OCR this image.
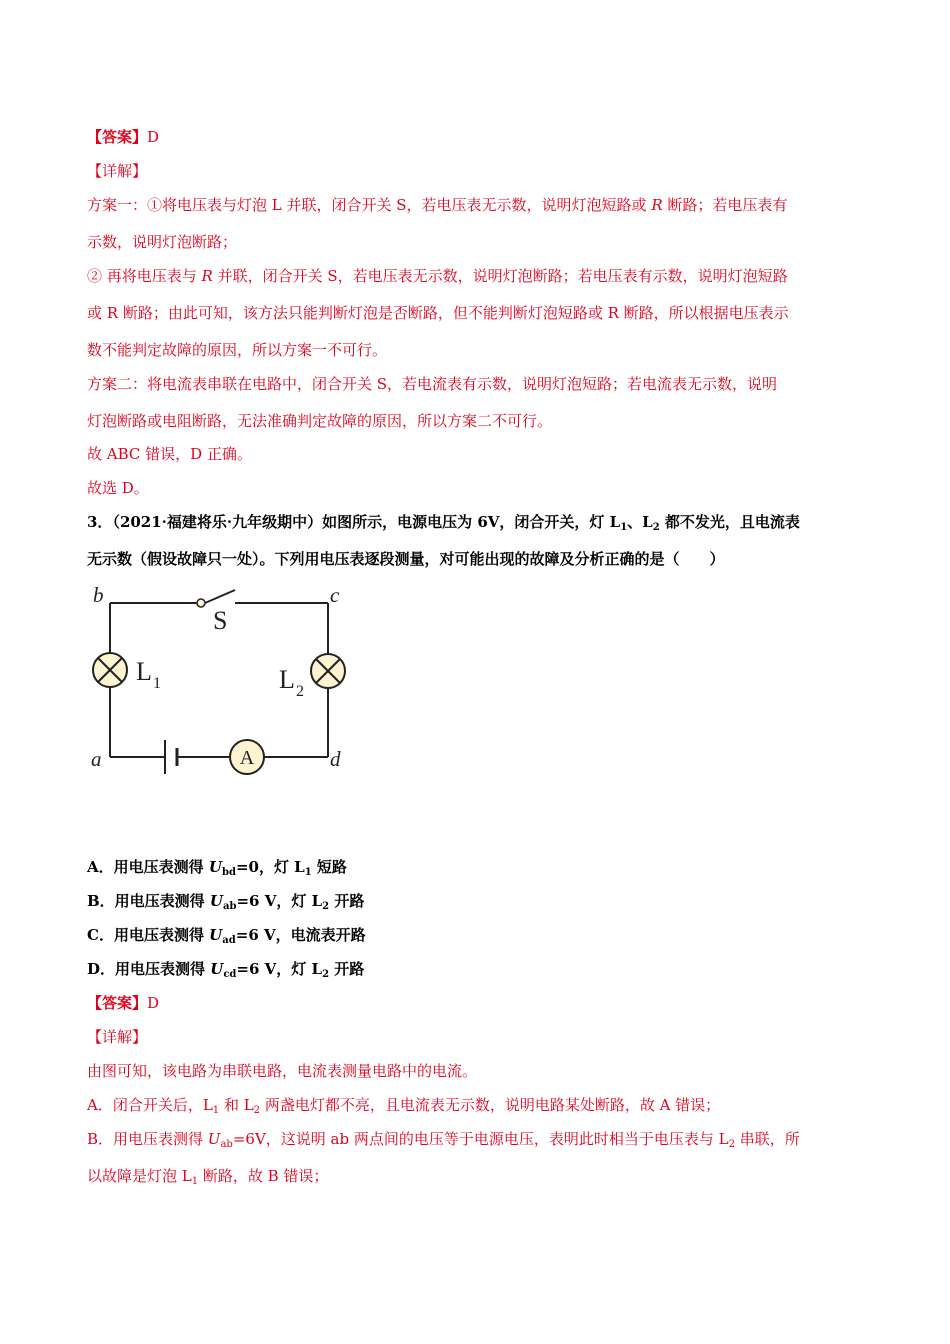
【答案】D
【详解】
方案一：①将电压表与灯泡 L 并联，闭合开关 S，若电压表无示数，说明灯泡短路或 R 断路；若电压表有
示数，说明灯泡断路；
② 再将电压表与 R 并联，闭合开关 S，若电压表无示数，说明灯泡断路；若电压表有示数，说明灯泡短路
或 R 断路；由此可知，该方法只能判断灯泡是否断路，但不能判断灯泡短路或 R 断路，所以根据电压表示
数不能判定故障的原因，所以方案一不可行。
方案二：将电流表串联在电路中，闭合开关 S，若电流表有示数，说明灯泡短路；若电流表无示数，说明
灯泡断路或电阻断路，无法准确判定故障的原因，所以方案二不可行。
故 ABC 错误，D 正确。
故选 D。
3．（2021·福建将乐·九年级期中）如图所示，电源电压为 6V，闭合开关，灯 $L_1$、$L_2$ 都不发光，且电流表
无示数（假设故障只一处）。下列用电压表逐段测量，对可能出现的故障及分析正确的是（　　）
A
b	c
a	d
S
L 1	L 2
A．用电压表测得 $U_{bd}=0$，灯 $L_1$ 短路
B．用电压表测得 $U_{ab}=6$ V，灯 $L_2$ 开路
C．用电压表测得 $U_{ad}=6$ V，电流表开路
D．用电压表测得 $U_{cd}=6$ V，灯 $L_2$ 开路
【答案】D
【详解】
由图可知，该电路为串联电路，电流表测量电路中的电流。
A．闭合开关后，$L_1$ 和 $L_2$ 两盏电灯都不亮，且电流表无示数，说明电路某处断路，故 A 错误；
B．用电压表测得 $U_{ab}=6V$，这说明 ab 两点间的电压等于电源电压，表明此时相当于电压表与 $L_2$ 串联，所
以故障是灯泡 $L_1$ 断路，故 B 错误；
